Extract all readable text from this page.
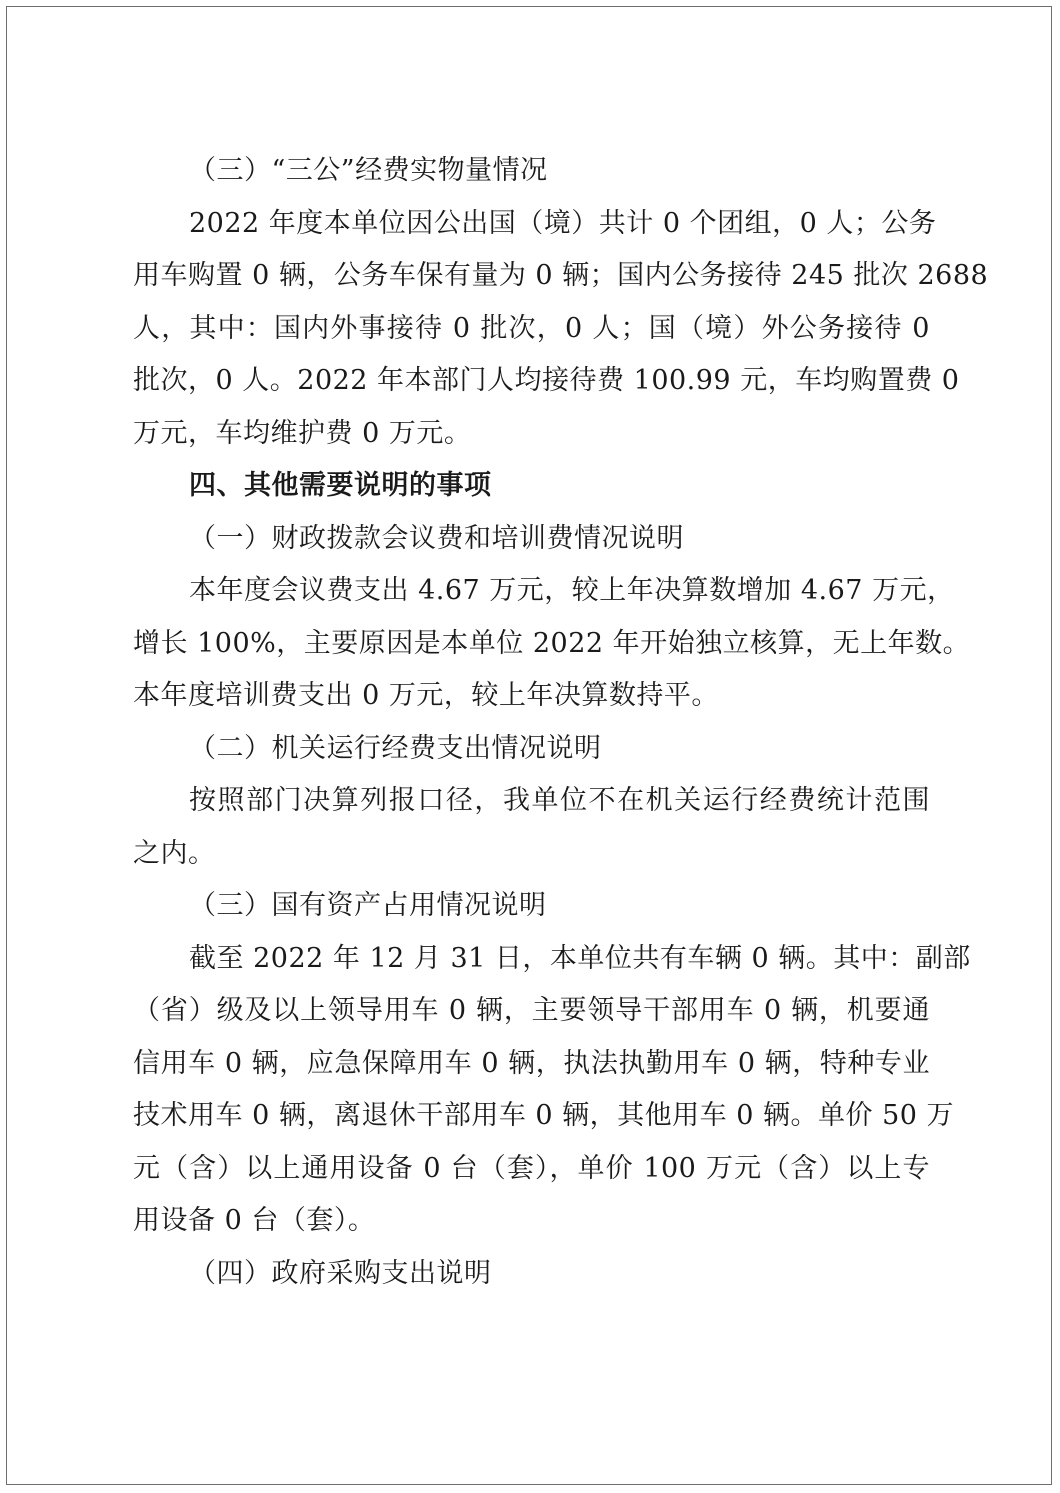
（三）“三公”经费实物量情况
2022 年度本单位因公出国（境）共计 0 个团组，0 人；公务
用车购置 0 辆，公务车保有量为 0 辆；国内公务接待 245 批次 2688
人，其中：国内外事接待 0 批次，0 人；国（境）外公务接待 0
批次，0 人。2022 年本部门人均接待费 100.99 元，车均购置费 0
万元，车均维护费 0 万元。
四、其他需要说明的事项
（一）财政拨款会议费和培训费情况说明
本年度会议费支出 4.67 万元，较上年决算数增加 4.67 万元，
增长 100%，主要原因是本单位 2022 年开始独立核算，无上年数。
本年度培训费支出 0 万元，较上年决算数持平。
（二）机关运行经费支出情况说明
按照部门决算列报口径，我单位不在机关运行经费统计范围
之内。
（三）国有资产占用情况说明
截至 2022 年 12 月 31 日，本单位共有车辆 0 辆。其中：副部
（省）级及以上领导用车 0 辆，主要领导干部用车 0 辆，机要通
信用车 0 辆，应急保障用车 0 辆，执法执勤用车 0 辆，特种专业
技术用车 0 辆，离退休干部用车 0 辆，其他用车 0 辆。单价 50 万
元（含）以上通用设备 0 台（套），单价 100 万元（含）以上专
用设备 0 台（套）。
（四）政府采购支出说明
